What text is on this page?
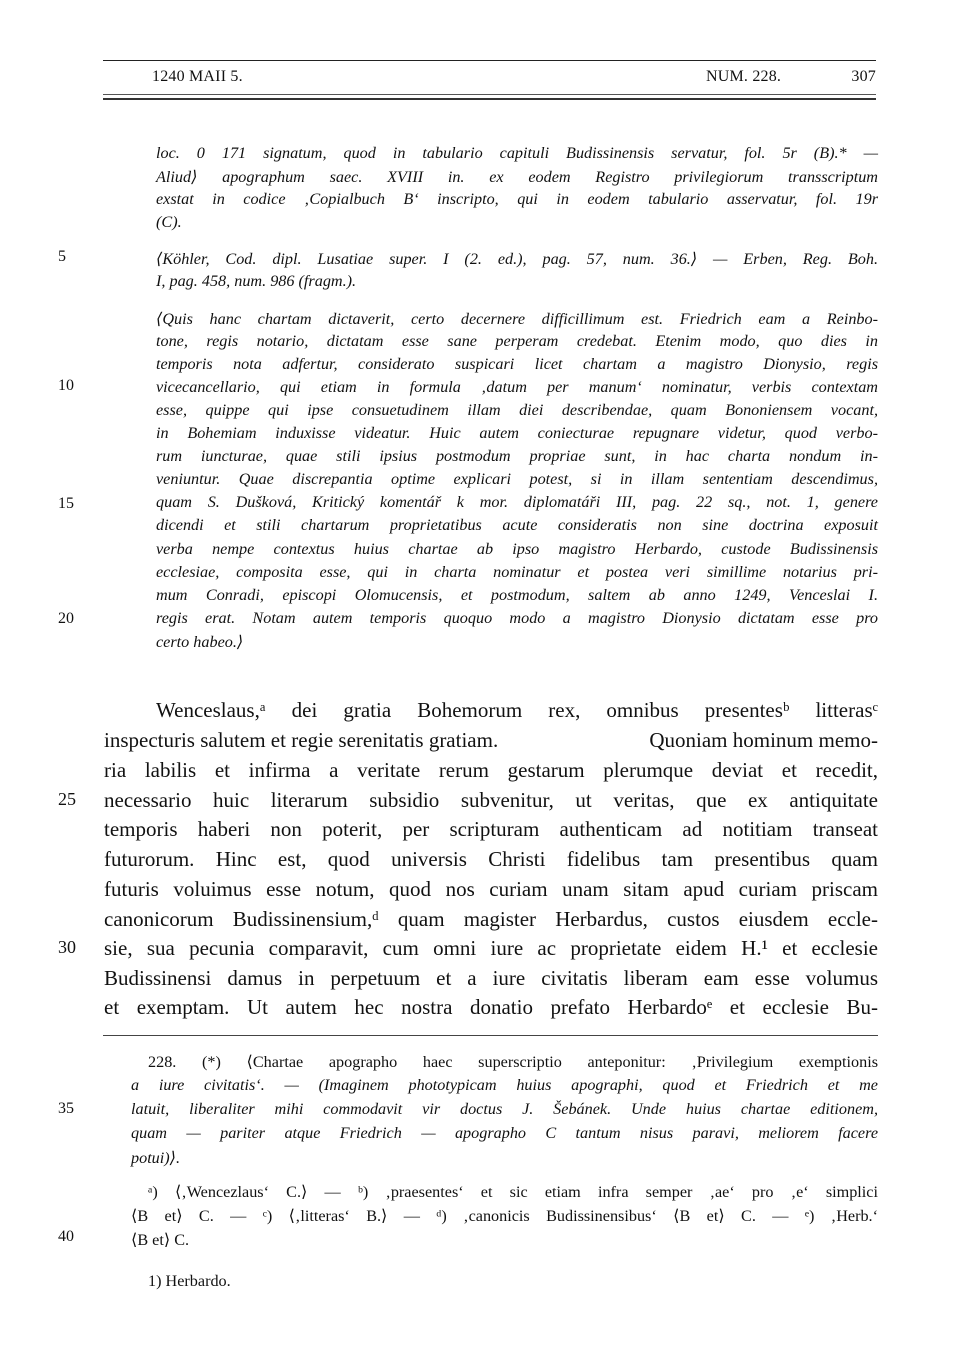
1240 MAII 5.	NUM. 228.	307
5
10
15
20
25
30
35
40
loc. 0 171 signatum, quod in tabulario capituli Budissinensis servatur, fol. 5r (B).* —
Aliud⟩ apographum saec. XVIII in. ex eodem Registro privilegiorum transscriptum
exstat in codice ‚Copialbuch B‘ inscripto, qui in eodem tabulario asservatur, fol. 19r
(C).
⟨Köhler, Cod. dipl. Lusatiae super. I (2. ed.), pag. 57, num. 36.⟩ — Erben, Reg. Boh.
I, pag. 458, num. 986 (fragm.).
⟨Quis hanc chartam dictaverit, certo decernere difficillimum est. Friedrich eam a Reinbo-
tone, regis notario, dictatam esse sane perperam credebat. Etenim modo, quo dies in
temporis nota adfertur, considerato suspicari licet chartam a magistro Dionysio, regis
vicecancellario, qui etiam in formula ‚datum per manum‘ nominatur, verbis contextam
esse, quippe qui ipse consuetudinem illam diei describendae, quam Bononiensem vocant,
in Bohemiam induxisse videatur. Huic autem coniecturae repugnare videtur, quod verbo-
rum iuncturae, quae stili ipsius postmodum propriae sunt, in hac charta nondum in-
veniuntur. Quae discrepantia optime explicari potest, si in illam sententiam descendimus,
quam S. Dušková, Kritický komentář k mor. diplomatáři III, pag. 22 sq., not. 1, genere
dicendi et stili chartarum proprietatibus acute consideratis non sine doctrina exposuit
verba nempe contextus huius chartae ab ipso magistro Herbardo, custode Budissinensis
ecclesiae, composita esse, qui in charta nominatur et postea veri simillime notarius pri-
mum Conradi, episcopi Olomucensis, et postmodum, saltem ab anno 1249, Venceslai I.
regis erat. Notam autem temporis quoquo modo a magistro Dionysio dictatam esse pro
certo habeo.⟩
Wenceslaus,ᵃ dei gratia Bohemorum rex, omnibus presentesᵇ litterasᶜ
inspecturis salutem et regie serenitatis gratiam.	Quoniam hominum memo-
ria labilis et infirma a veritate rerum gestarum plerumque deviat et recedit,
necessario huic literarum subsidio subvenitur, ut veritas, que ex antiquitate
temporis haberi non poterit, per scripturam authenticam ad notitiam transeat
futurorum. Hinc est, quod universis Christi fidelibus tam presentibus quam
futuris voluimus esse notum, quod nos curiam unam sitam apud curiam priscam
canonicorum Budissinensium,ᵈ quam magister Herbardus, custos eiusdem eccle-
sie, sua pecunia comparavit, cum omni iure ac proprietate eidem H.¹ et ecclesie
Budissinensi damus in perpetuum et a iure civitatis liberam eam esse volumus
et exemptam. Ut autem hec nostra donatio prefato Herbardoᵉ et ecclesie Bu-
228. (*) ⟨Chartae apographo haec superscriptio anteponitur: ‚Privilegium exemptionis
a iure civitatis‘. — (Imaginem phototypicam huius apographi, quod et Friedrich et me
latuit, liberaliter mihi commodavit vir doctus J. Šebánek. Unde huius chartae editionem,
quam — pariter atque Friedrich — apographo C tantum nisus paravi, meliorem facere
potui)⟩.
ᵃ) ⟨‚Wencezlaus‘ C.⟩ — ᵇ) ‚praesentes‘ et sic etiam infra semper ‚ae‘ pro ‚e‘ simplici
⟨B et⟩ C. — ᶜ) ⟨‚litteras‘ B.⟩ — ᵈ) ‚canonicis Budissinensibus‘ ⟨B et⟩ C. — ᵉ) ‚Herb.‘
⟨B et⟩ C.
1) Herbardo.
